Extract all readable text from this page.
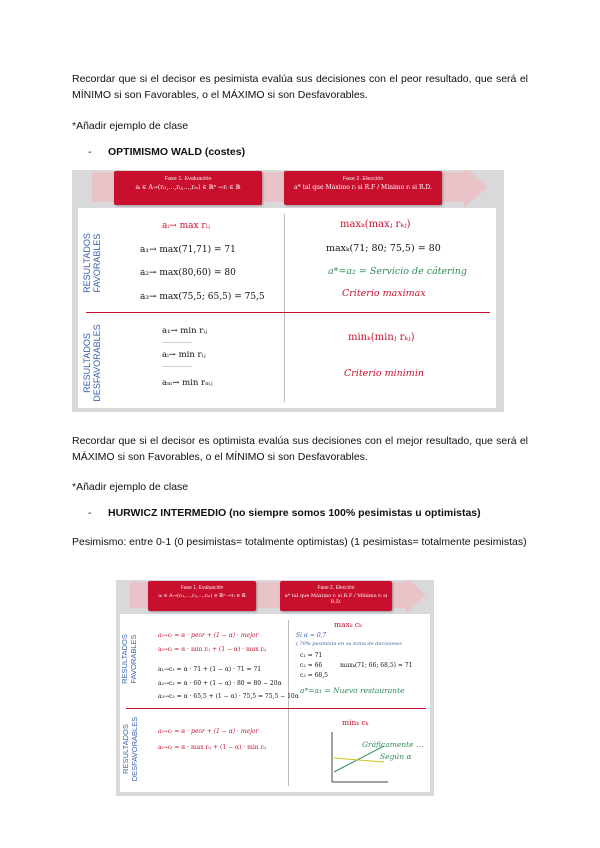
Recordar que si el decisor es pesimista evalúa sus decisiones con el peor resultado, que será el MÍNIMO si son Favorables, o el MÁXIMO si son Desfavorables.

*Añadir ejemplo de clase

- OPTIMISMO WALD (costes)
Fase 1. Evaluación
aᵢ ∈ A→(rᵢ₁,...,rᵢⱼ,...,rᵢₙ) ∈ ℝⁿ →rᵢ ∈ ℝ
Fase 2. Elección
a* tal que Máximo rᵢ si R.F / Mínimo rᵢ si R.D.
RESULTADOS FAVORABLES
RESULTADOS DESFAVORABLES
aᵢ→ max rᵢⱼ
a₁→ max(71,71) = 71
a₂→ max(80,60) = 80
a₃→ max(75,5; 65,5) = 75,5
maxₖ(maxⱼ rₖⱼ)
maxₖ(71; 80; 75,5) = 80
a*=a₂ = Servicio de cátering
Criterio maximax
a₁→ min rᵢⱼ
……………
aᵢ→ min rᵢⱼ
……………
aₘ→ min rₘⱼ
minₖ(minⱼ rₖⱼ)
Criterio minimin

Recordar que si el decisor es optimista evalúa sus decisiones con el mejor resultado, que será el MÁXIMO si son Favorables, o el MÍNIMO si son Desfavorables.

*Añadir ejemplo de clase

- HURWICZ INTERMEDIO (no siempre somos 100% pesimistas u optimistas)

Pesimismo: entre 0-1 (0 pesimistas= totalmente optimistas) (1 pesimistas= totalmente pesimistas)

Fase 1. Evaluación
aᵢ ∈ A→(rᵢ₁,...,rᵢⱼ,...,rᵢₙ) ∈ ℝⁿ →rᵢ ∈ ℝ
Fase 2. Elección
a* tal que Máximo rᵢ si R.F / Mínimo rᵢ si R.D.
RESULTADOS FAVORABLES
RESULTADOS DESFAVORABLES
aᵢ→cᵢ = α · peor + (1 − α) · mejor
aᵢ→cᵢ = α · min rᵢⱼ + (1 − α) · max rᵢⱼ
a₁→c₁ = α · 71 + (1 − α) · 71 = 71
a₂→c₂ = α · 60 + (1 − α) · 80 = 80 − 20α
a₃→c₃ = α · 65,5 + (1 − α) · 75,5 = 75,5 − 10α
maxₖ cₖ
Si α = 0,7
( 70% pesimista en su toma de decisiones
c₁ = 71
c₂ = 66
c₃ = 68,5
maxₖ(71; 66; 68,5) = 71
a*=a₁ = Nuevo restaurante
aᵢ→cᵢ = α · peor + (1 − α) · mejor
aᵢ→cᵢ = α · max rᵢⱼ + (1 − α) · min rᵢⱼ
minₖ cₖ
Gráficamente …
Según α
